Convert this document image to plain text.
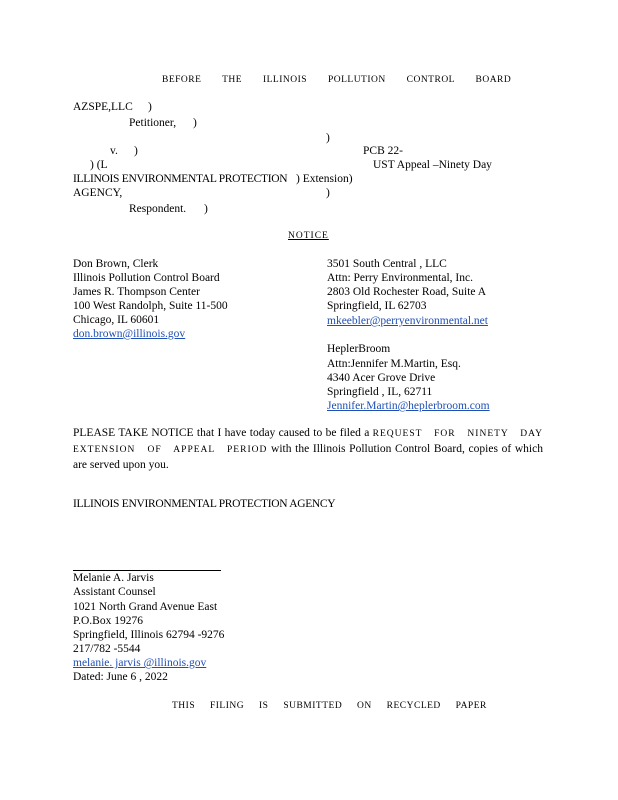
BEFORE THE ILLINOIS POLLUTION CONTROL BOARD
AZSPE,LLC )
Petitioner, )
)
v. )	PCB 22-
) (L	UST Appeal –Ninety Day
ILLINOIS ENVIRONMENTAL PROTECTION ) Extension)
AGENCY,	)
Respondent. )
NOTICE
Don Brown, Clerk
Illinois Pollution Control Board
James R. Thompson Center
100 West Randolph, Suite 11-500
Chicago, IL 60601
don.brown@illinois.gov
3501 South Central , LLC
Attn: Perry Environmental, Inc.
2803 Old Rochester Road, Suite A
Springfield, IL 62703
mkeebler@perryenvironmental.net
HeplerBroom
Attn:Jennifer M.Martin, Esq.
4340 Acer Grove Drive
Springfield , IL, 62711
Jennifer.Martin@heplerbroom.com
PLEASE TAKE NOTICE that I have today caused to be filed a REQUEST FOR NINETY DAY EXTENSION OF APPEAL PERIOD with the Illinois Pollution Control Board, copies of which are served upon you.
ILLINOIS ENVIRONMENTAL PROTECTION AGENCY
Melanie A. Jarvis
Assistant Counsel
1021 North Grand Avenue East
P.O.Box 19276
Springfield, Illinois 62794 -9276
217/782 -5544
melanie. jarvis @illinois.gov
Dated: June 6 , 2022
THIS FILING IS SUBMITTED ON RECYCLED PAPER
